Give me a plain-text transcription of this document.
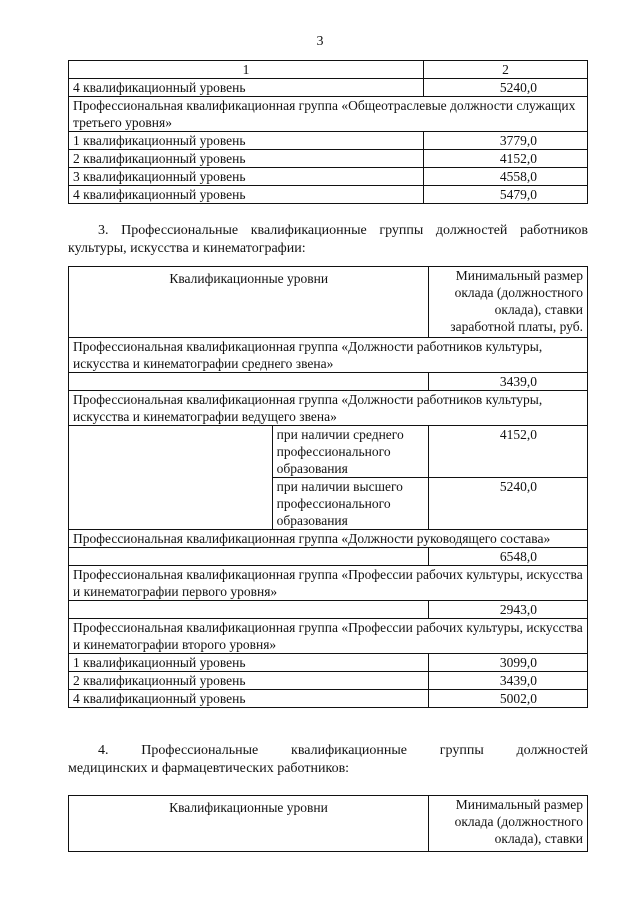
3
1	2
4 квалификационный уровень	5240,0
Профессиональная квалификационная группа «Общеотраслевые должности служащих третьего уровня»	
1 квалификационный уровень	3779,0
2 квалификационный уровень	4152,0
3 квалификационный уровень	4558,0
4 квалификационный уровень	5479,0
3. Профессиональные квалификационные группы должностей работников культуры, искусства и кинематографии:
Квалификационные уровни		Минимальный размер оклада (должностного оклада), ставки заработной платы, руб.
Профессиональная квалификационная группа «Должности работников культуры, искусства и кинематографии среднего звена»		
		3439,0
Профессиональная квалификационная группа «Должности работников культуры, искусства и кинематографии ведущего звена»		
	при наличии среднего профессионального образования	4152,0
	при наличии высшего профессионального образования	5240,0
Профессиональная квалификационная группа «Должности руководящего состава»		
		6548,0
Профессиональная квалификационная группа «Профессии рабочих культуры, искусства и кинематографии первого уровня»		
		2943,0
Профессиональная квалификационная группа «Профессии рабочих культуры, искусства и кинематографии второго уровня»		
1 квалификационный уровень		3099,0
2 квалификационный уровень		3439,0
4 квалификационный уровень		5002,0
4. Профессиональные квалификационные группы должностей
медицинских и фармацевтических работников:
Квалификационные уровни	Минимальный размер оклада (должностного оклада), ставки
